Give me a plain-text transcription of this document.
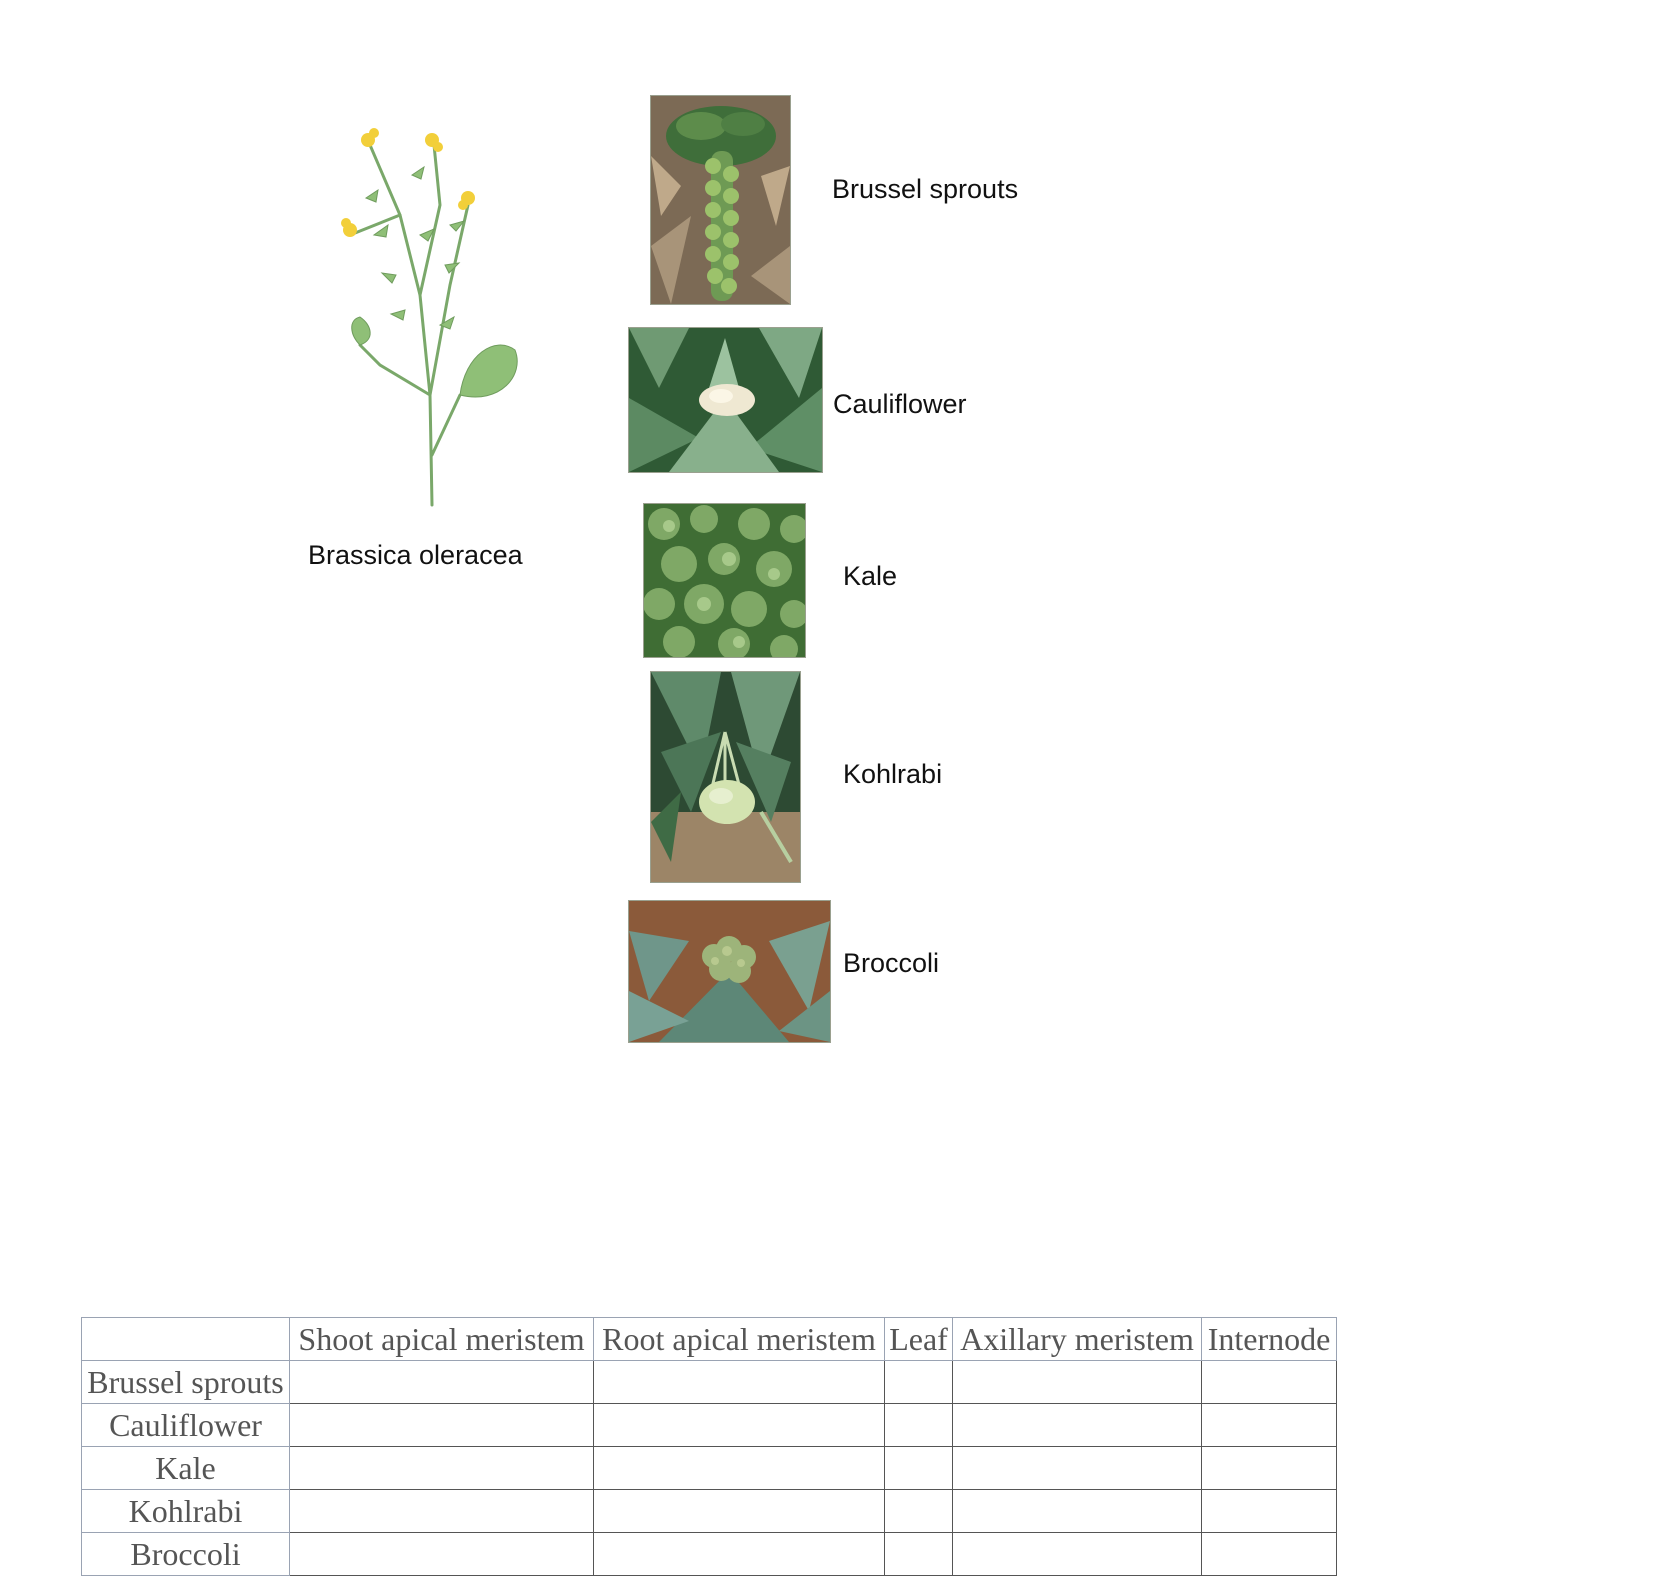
Brassica oleracea
Brussel sprouts
Cauliflower
Kale
Kohlrabi
Broccoli
	Shoot apical meristem	Root apical meristem	Leaf	Axillary meristem	Internode
Brussel sprouts					
Cauliflower					
Kale					
Kohlrabi					
Broccoli					
